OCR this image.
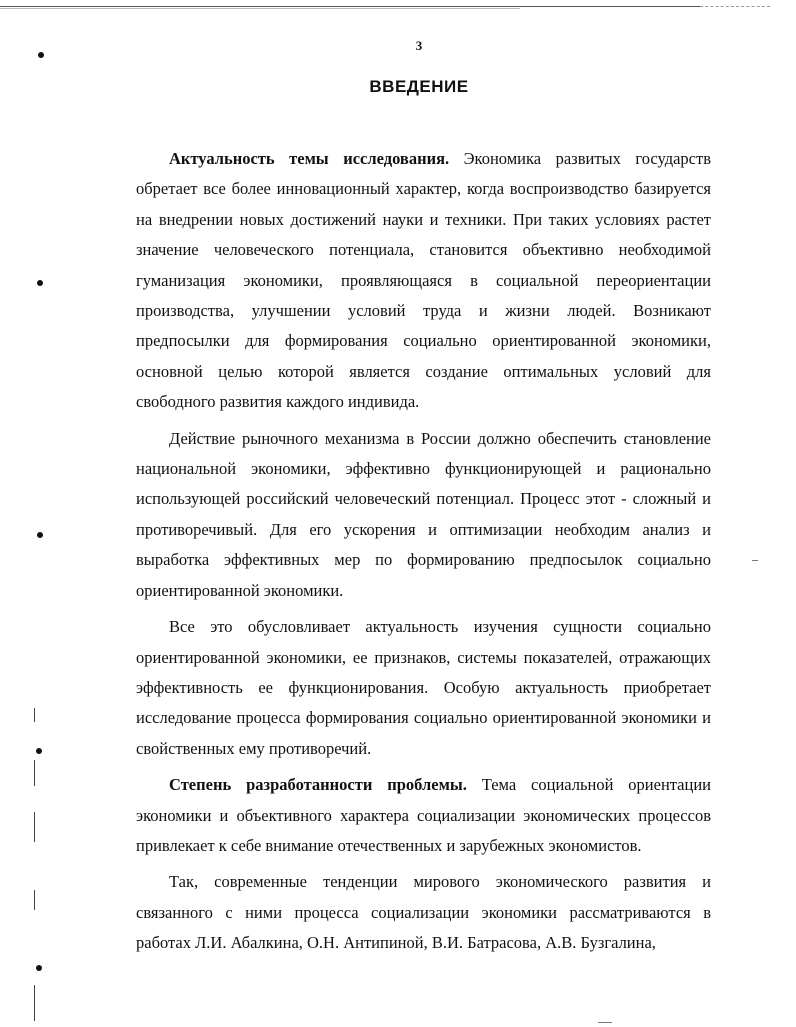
3
ВВЕДЕНИЕ

Актуальность темы исследования. Экономика развитых государств обретает все более инновационный характер, когда воспроизводство базируется на внедрении новых достижений науки и техники. При таких условиях растет значение человеческого потенциала, становится объективно необходимой гуманизация экономики, проявляющаяся в социальной переориентации производства, улучшении условий труда и жизни людей. Возникают предпосылки для формирования социально ориентированной экономики, основной целью которой является создание оптимальных условий для свободного развития каждого индивида.

Действие рыночного механизма в России должно обеспечить становление национальной экономики, эффективно функционирующей и рационально использующей российский человеческий потенциал. Процесс этот - сложный и противоречивый. Для его ускорения и оптимизации необходим анализ и выработка эффективных мер по формированию предпосылок социально ориентированной экономики.

Все это обусловливает актуальность изучения сущности социально ориентированной экономики, ее признаков, системы показателей, отражающих эффективность ее функционирования. Особую актуальность приобретает исследование процесса формирования социально ориентированной экономики и свойственных ему противоречий.

Степень разработанности проблемы. Тема социальной ориентации экономики и объективного характера социализации экономических процессов привлекает к себе внимание отечественных и зарубежных экономистов.

Так, современные тенденции мирового экономического развития и связанного с ними процесса социализации экономики рассматриваются в работах Л.И. Абалкина, О.Н. Антипиной, В.И. Батрасова, А.В. Бузгалина,
